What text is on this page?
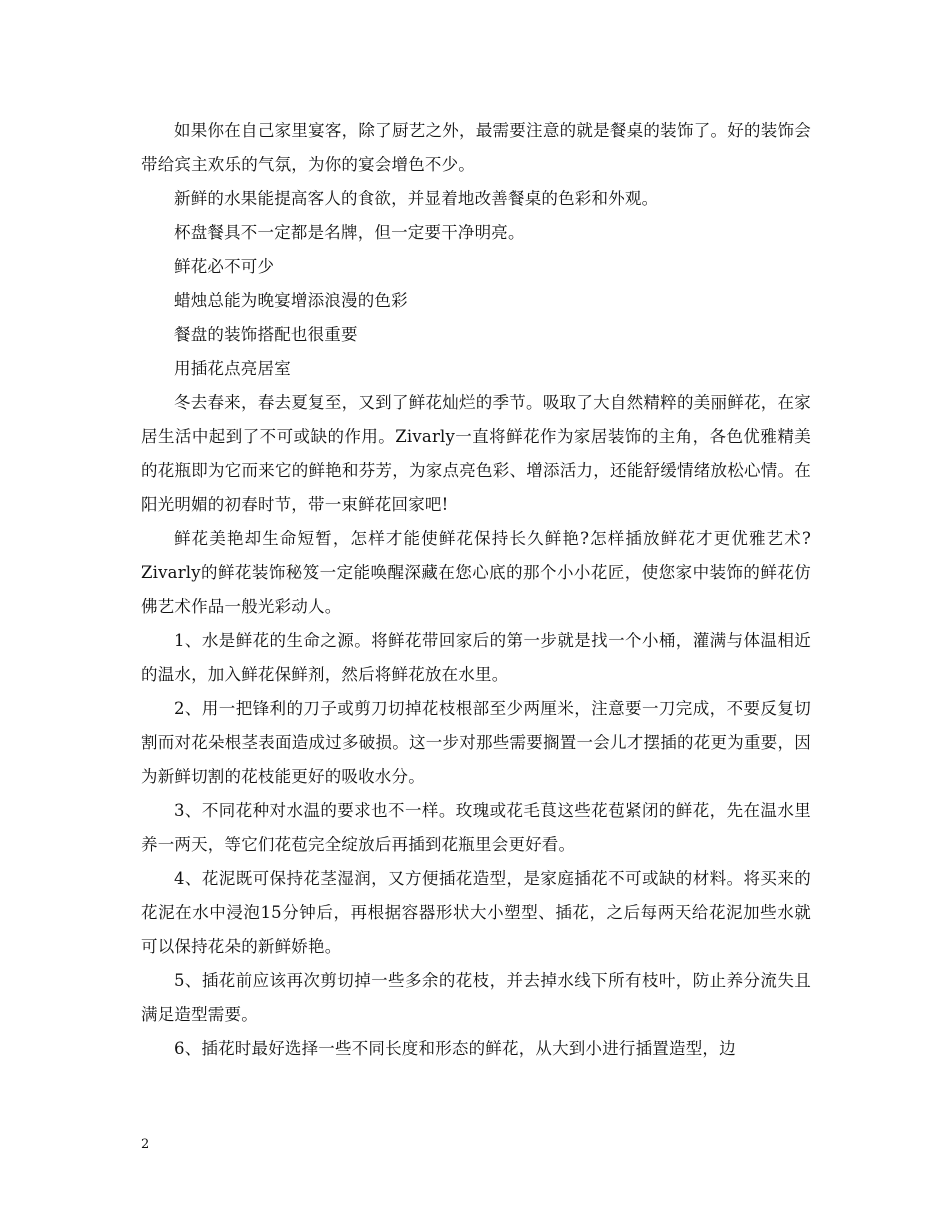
如果你在自己家里宴客，除了厨艺之外，最需要注意的就是餐桌的装饰了。好的装饰会带给宾主欢乐的气氛，为你的宴会增色不少。

新鲜的水果能提高客人的食欲，并显着地改善餐桌的色彩和外观。

杯盘餐具不一定都是名牌，但一定要干净明亮。

鲜花必不可少

蜡烛总能为晚宴增添浪漫的色彩

餐盘的装饰搭配也很重要

用插花点亮居室

冬去春来，春去夏复至，又到了鲜花灿烂的季节。吸取了大自然精粹的美丽鲜花，在家居生活中起到了不可或缺的作用。Zivarly一直将鲜花作为家居装饰的主角，各色优雅精美的花瓶即为它而来它的鲜艳和芬芳，为家点亮色彩、增添活力，还能舒缓情绪放松心情。在阳光明媚的初春时节，带一束鲜花回家吧!

鲜花美艳却生命短暂，怎样才能使鲜花保持长久鲜艳?怎样插放鲜花才更优雅艺术?Zivarly的鲜花装饰秘笈一定能唤醒深藏在您心底的那个小小花匠，使您家中装饰的鲜花仿佛艺术作品一般光彩动人。

1、水是鲜花的生命之源。将鲜花带回家后的第一步就是找一个小桶，灌满与体温相近的温水，加入鲜花保鲜剂，然后将鲜花放在水里。

2、用一把锋利的刀子或剪刀切掉花枝根部至少两厘米，注意要一刀完成，不要反复切割而对花朵根茎表面造成过多破损。这一步对那些需要搁置一会儿才摆插的花更为重要，因为新鲜切割的花枝能更好的吸收水分。

3、不同花种对水温的要求也不一样。玫瑰或花毛茛这些花苞紧闭的鲜花，先在温水里养一两天，等它们花苞完全绽放后再插到花瓶里会更好看。

4、花泥既可保持花茎湿润，又方便插花造型，是家庭插花不可或缺的材料。将买来的花泥在水中浸泡15分钟后，再根据容器形状大小塑型、插花，之后每两天给花泥加些水就可以保持花朵的新鲜娇艳。

5、插花前应该再次剪切掉一些多余的花枝，并去掉水线下所有枝叶，防止养分流失且满足造型需要。

6、插花时最好选择一些不同长度和形态的鲜花，从大到小进行插置造型，边

2
